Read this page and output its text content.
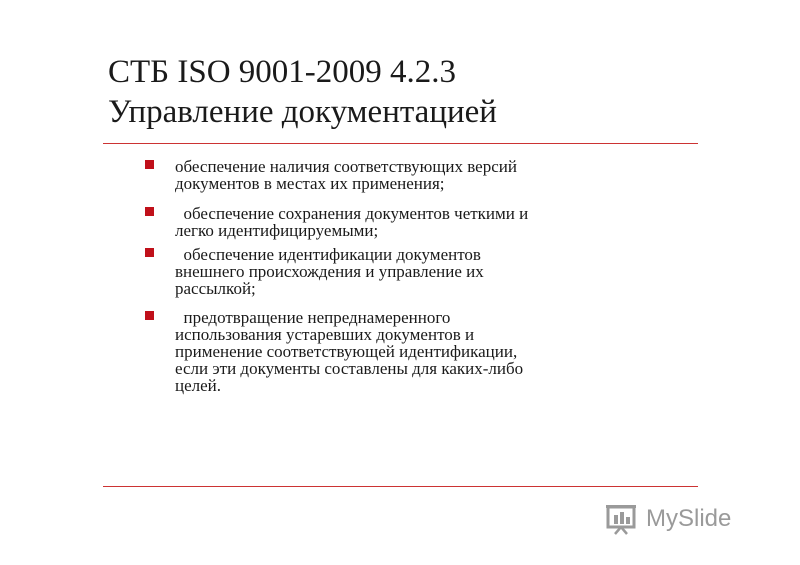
СТБ ISO 9001-2009 4.2.3
Управление документацией
обеспечение наличия соответствующих версий
документов в местах их применения;
обеспечение сохранения документов четкими и
легко идентифицируемыми;
обеспечение идентификации документов
внешнего происхождения и управление их
рассылкой;
предотвращение непреднамеренного
использования устаревших документов и
применение соответствующей идентификации,
если эти документы составлены для каких-либо
целей.
MySlide
